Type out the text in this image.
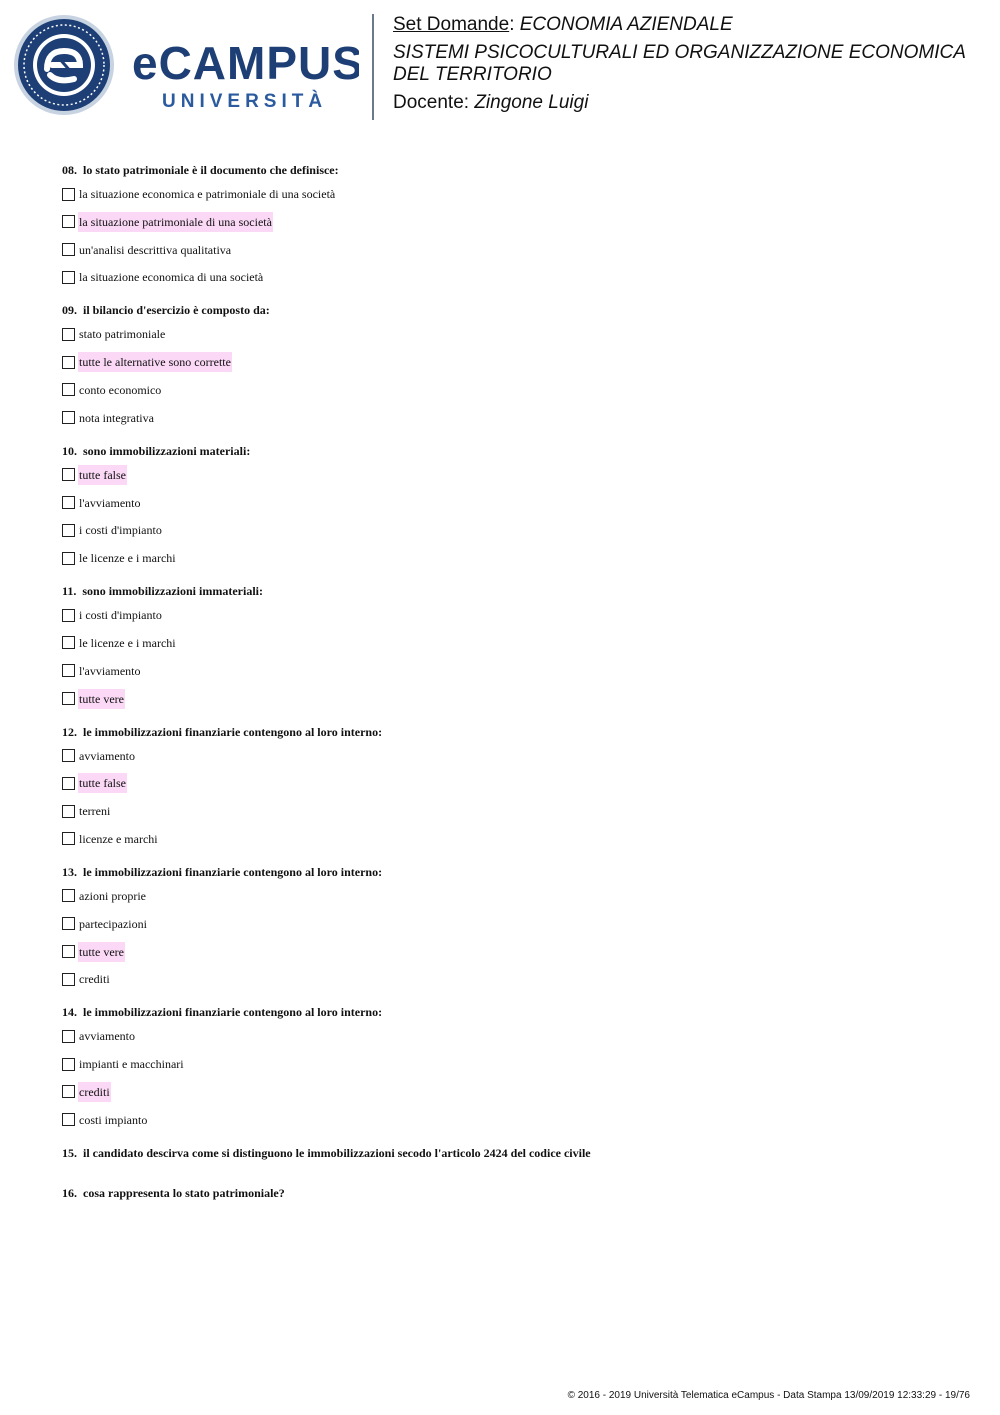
eCAMPUS
UNIVERSITÀ

Set Domande: ECONOMIA AZIENDALE

SISTEMI PSICOCULTURALI ED ORGANIZZAZIONE ECONOMICA

DEL TERRITORIO

Docente: Zingone Luigi

08. lo stato patrimoniale è il documento che definisce:
la situazione economica e patrimoniale di una società
la situazione patrimoniale di una società
un'analisi descrittiva qualitativa
la situazione economica di una società
09. il bilancio d'esercizio è composto da:
stato patrimoniale
tutte le alternative sono corrette
conto economico
nota integrativa
10. sono immobilizzazioni materiali:
tutte false
l'avviamento
i costi d'impianto
le licenze e i marchi
11. sono immobilizzazioni immateriali:
i costi d'impianto
le licenze e i marchi
l'avviamento
tutte vere
12. le immobilizzazioni finanziarie contengono al loro interno:
avviamento
tutte false
terreni
licenze e marchi
13. le immobilizzazioni finanziarie contengono al loro interno:
azioni proprie
partecipazioni
tutte vere
crediti
14. le immobilizzazioni finanziarie contengono al loro interno:
avviamento
impianti e macchinari
crediti
costi impianto
15. il candidato descirva come si distinguono le immobilizzazioni secodo l'articolo 2424 del codice civile
16. cosa rappresenta lo stato patrimoniale?
© 2016 - 2019 Università Telematica eCampus - Data Stampa 13/09/2019 12:33:29 - 19/76
